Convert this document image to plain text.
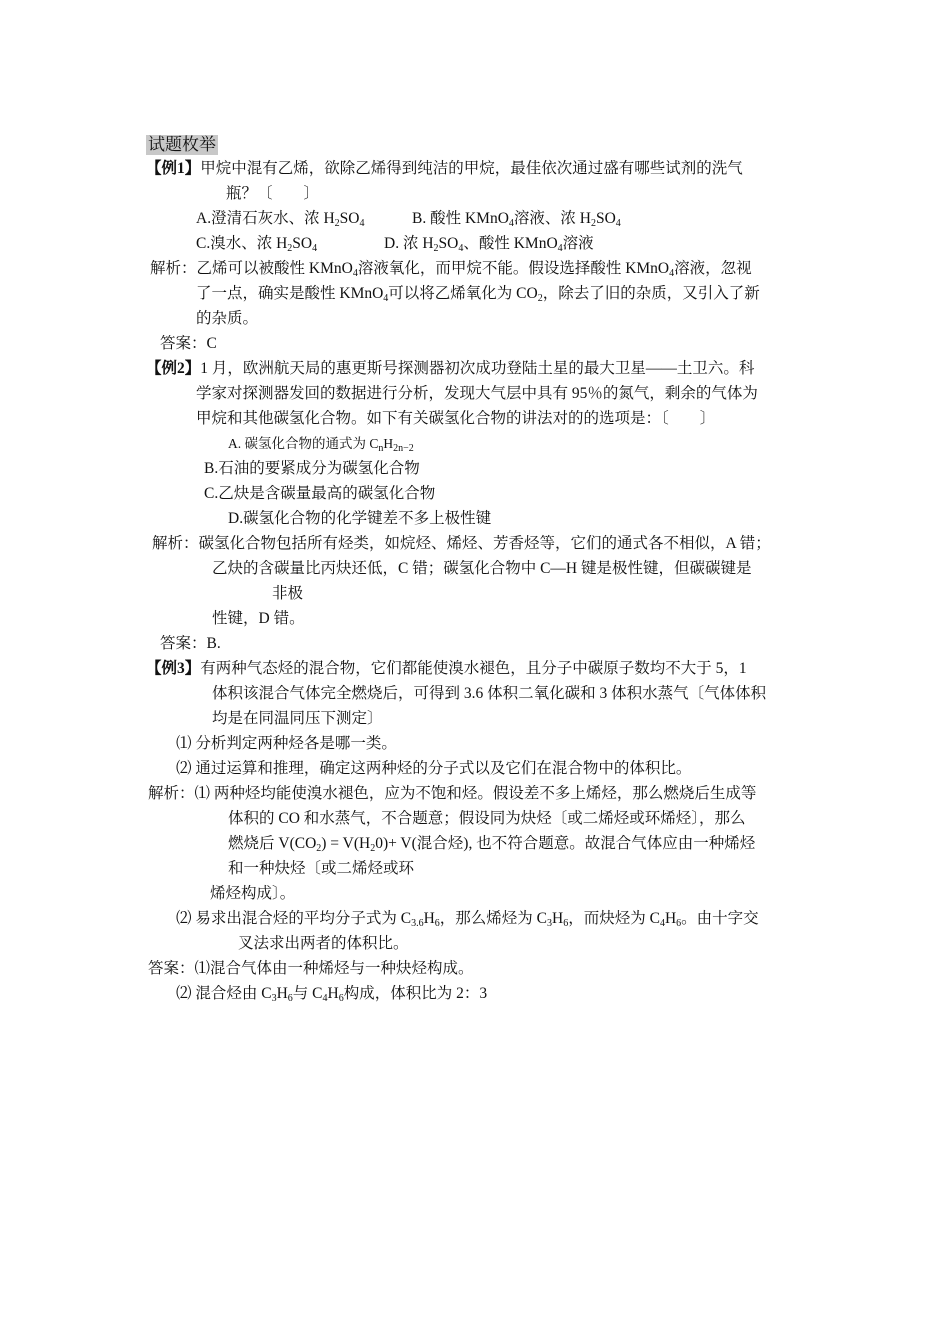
试题枚举
【例1】甲烷中混有乙烯，欲除乙烯得到纯洁的甲烷，最佳依次通过盛有哪些试剂的洗气
瓶？〔　　〕
A.澄清石灰水、浓 $H_2SO_4$	B. 酸性 KMnO$_4$溶液、浓 $H_2SO_4$
C.溴水、浓 $H_2SO_4$	D. 浓 $H_2SO_4$、酸性 KMnO$_4$溶液
解析：乙烯可以被酸性 KMnO$_4$溶液氧化，而甲烷不能。假设选择酸性 KMnO$_4$溶液，忽视
了一点，确实是酸性 KMnO$_4$可以将乙烯氧化为 $CO_2$，除去了旧的杂质，又引入了新
的杂质。
答案：C
【例2】1 月，欧洲航天局的惠更斯号探测器初次成功登陆土星的最大卫星——土卫六。科
学家对探测器发回的数据进行分析，发现大气层中具有 95％的氮气，剩余的气体为
甲烷和其他碳氢化合物。如下有关碳氢化合物的讲法对的的选项是：〔　　〕
A. 碳氢化合物的通式为 $C_nH_{2n-2}$
B.石油的要紧成分为碳氢化合物
C.乙炔是含碳量最高的碳氢化合物
D.碳氢化合物的化学键差不多上极性键
解析：碳氢化合物包括所有烃类，如烷烃、烯烃、芳香烃等，它们的通式各不相似，A 错；
乙炔的含碳量比丙炔还低，C 错；碳氢化合物中 C—H 键是极性键，但碳碳键是
非极
性键，D 错。
答案：B.
【例3】有两种气态烃的混合物，它们都能使溴水褪色，且分子中碳原子数均不大于 5，1
体积该混合气体完全燃烧后，可得到 3.6 体积二氧化碳和 3 体积水蒸气〔气体体积
均是在同温同压下测定〕
⑴ 分析判定两种烃各是哪一类。
⑵ 通过运算和推理，确定这两种烃的分子式以及它们在混合物中的体积比。
解析：⑴ 两种烃均能使溴水褪色，应为不饱和烃。假设差不多上烯烃，那么燃烧后生成等
体积的 CO 和水蒸气，不合题意；假设同为炔烃〔或二烯烃或环烯烃〕，那么
燃烧后 $V(CO_2) = V(H_20)+ V$(混合烃), 也不符合题意。故混合气体应由一种烯烃
和一种炔烃〔或二烯烃或环
烯烃构成〕。
⑵ 易求出混合烃的平均分子式为 $C_{3.6}H_6$，那么烯烃为 $C_3H_6$，而炔烃为 $C_4H_6$。由十字交
叉法求出两者的体积比。
答案：⑴混合气体由一种烯烃与一种炔烃构成。
⑵ 混合烃由 $C_3H_6$与 $C_4H_6$构成，体积比为 2：3
